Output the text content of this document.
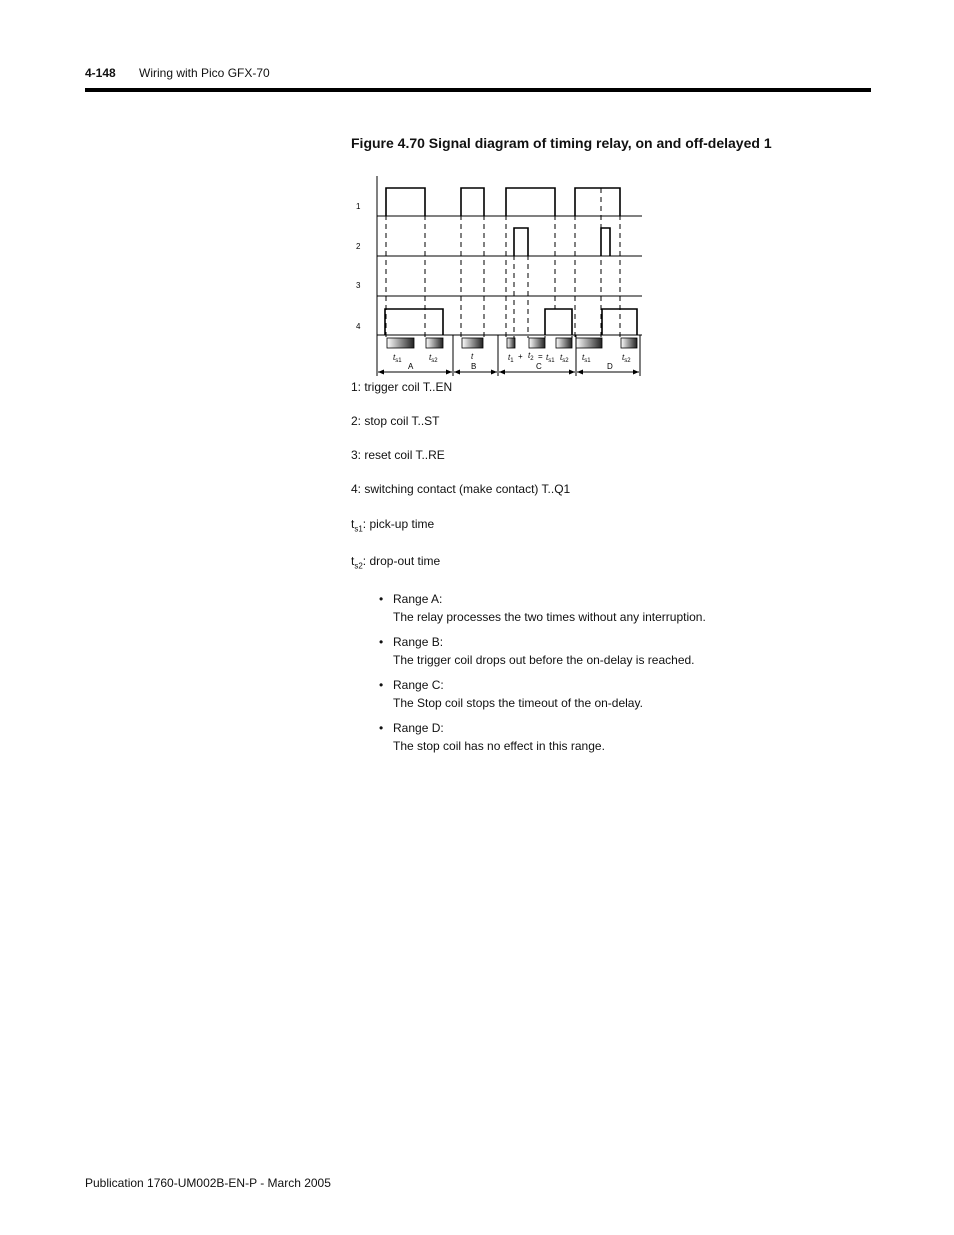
4-148 Wiring with Pico GFX-70
Figure 4.70 Signal diagram of timing relay, on and off-delayed 1
1
2
3
4
$t_{s1}$	$t_{s2}$	t	$t_1 + t_2 = t_{s1}$ $t_{s2}$ $t_{s1}$	$t_{s2}$
A	B	C	D
1: trigger coil T..EN
2: stop coil T..ST
3: reset coil T..RE
4: switching contact (make contact) T..Q1
$t_{s1}$: pick-up time
$t_{s2}$: drop-out time
• Range A:
The relay processes the two times without any interruption.
• Range B:
The trigger coil drops out before the on-delay is reached.
• Range C:
The Stop coil stops the timeout of the on-delay.
• Range D:
The stop coil has no effect in this range.
Publication 1760-UM002B-EN-P - March 2005
